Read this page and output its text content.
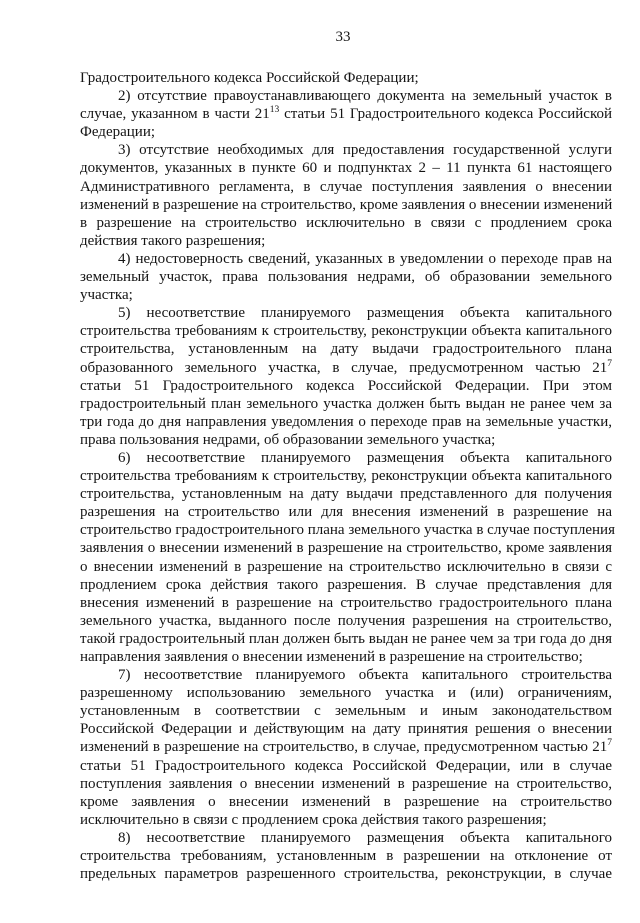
33
Градостроительного кодекса Российской Федерации;
2) отсутствие правоустанавливающего документа на земельный участок в
случае, указанном в части $21^{13}$ статьи 51 Градостроительного кодекса Российской
Федерации;
3) отсутствие необходимых для предоставления государственной услуги
документов, указанных в пункте 60 и подпунктах 2 – 11 пункта 61 настоящего
Административного регламента, в случае поступления заявления о внесении
изменений в разрешение на строительство, кроме заявления о внесении изменений
в разрешение на строительство исключительно в связи с продлением срока
действия такого разрешения;
4) недостоверность сведений, указанных в уведомлении о переходе прав на
земельный участок, права пользования недрами, об образовании земельного
участка;
5) несоответствие планируемого размещения объекта капитального
строительства требованиям к строительству, реконструкции объекта капитального
строительства, установленным на дату выдачи градостроительного плана
образованного земельного участка, в случае, предусмотренном частью $21^7$
статьи 51 Градостроительного кодекса Российской Федерации. При этом
градостроительный план земельного участка должен быть выдан не ранее чем за
три года до дня направления уведомления о переходе прав на земельные участки,
права пользования недрами, об образовании земельного участка;
6) несоответствие планируемого размещения объекта капитального
строительства требованиям к строительству, реконструкции объекта капитального
строительства, установленным на дату выдачи представленного для получения
разрешения на строительство или для внесения изменений в разрешение на
строительство градостроительного плана земельного участка в случае поступления
заявления о внесении изменений в разрешение на строительство, кроме заявления
о внесении изменений в разрешение на строительство исключительно в связи с
продлением срока действия такого разрешения. В случае представления для
внесения изменений в разрешение на строительство градостроительного плана
земельного участка, выданного после получения разрешения на строительство,
такой градостроительный план должен быть выдан не ранее чем за три года до дня
направления заявления о внесении изменений в разрешение на строительство;
7) несоответствие планируемого объекта капитального строительства
разрешенному использованию земельного участка и (или) ограничениям,
установленным в соответствии с земельным и иным законодательством
Российской Федерации и действующим на дату принятия решения о внесении
изменений в разрешение на строительство, в случае, предусмотренном частью $21^7$
статьи 51 Градостроительного кодекса Российской Федерации, или в случае
поступления заявления о внесении изменений в разрешение на строительство,
кроме заявления о внесении изменений в разрешение на строительство
исключительно в связи с продлением срока действия такого разрешения;
8) несоответствие планируемого размещения объекта капитального
строительства требованиям, установленным в разрешении на отклонение от
предельных параметров разрешенного строительства, реконструкции, в случае
